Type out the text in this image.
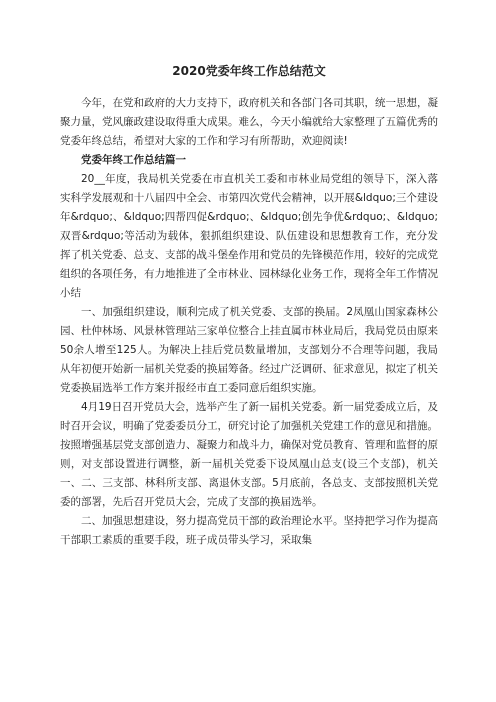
2020党委年终工作总结范文

今年，在党和政府的大力支持下，政府机关和各部门各司其职，统一思想，凝聚力量，党风廉政建设取得重大成果。难么，今天小编就给大家整理了五篇优秀的党委年终总结，希望对大家的工作和学习有所帮助，欢迎阅读!

党委年终工作总结篇一

20__年度，我局机关党委在市直机关工委和市林业局党组的领导下，深入落实科学发展观和十八届四中全会、市第四次党代会精神，以开展&ldquo;三个建设年&rdquo;、&ldquo;四帮四促&rdquo;、&ldquo;创先争优&rdquo;、&ldquo;双晋&rdquo;等活动为载体，狠抓组织建设、队伍建设和思想教育工作，充分发挥了机关党委、总支、支部的战斗堡垒作用和党员的先锋模范作用，较好的完成党组织的各项任务，有力地推进了全市林业、园林绿化业务工作，现将全年工作情况小结

一、加强组织建设，顺利完成了机关党委、支部的换届。2凤凰山国家森林公园、杜仲林场、风景林管理站三家单位整合上挂直属市林业局后，我局党员由原来50余人增至125人。为解决上挂后党员数量增加，支部划分不合理等问题，我局从年初便开始新一届机关党委的换届筹备。经过广泛调研、征求意见，拟定了机关党委换届选举工作方案并报经市直工委同意后组织实施。

4月19日召开党员大会，选举产生了新一届机关党委。新一届党委成立后，及时召开会议，明确了党委委员分工，研究讨论了加强机关党建工作的意见和措施。按照增强基层党支部创造力、凝聚力和战斗力，确保对党员教育、管理和监督的原则，对支部设置进行调整，新一届机关党委下设凤凰山总支(设三个支部)，机关一、二、三支部、林科所支部、离退休支部。5月底前，各总支、支部按照机关党委的部署，先后召开党员大会，完成了支部的换届选举。

二、加强思想建设，努力提高党员干部的政治理论水平。坚持把学习作为提高干部职工素质的重要手段，班子成员带头学习，采取集
